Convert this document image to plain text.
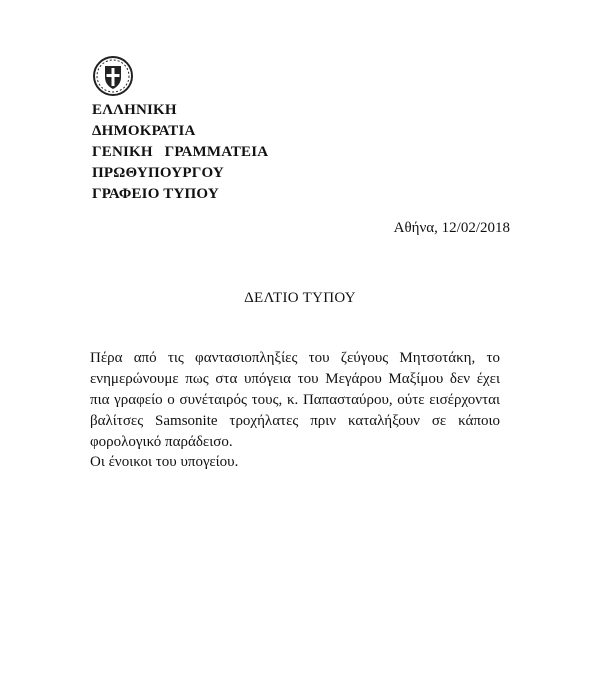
ΕΛΛΗΝΙΚΗ
ΔΗΜΟΚΡΑΤΙΑ
ΓΕΝΙΚΗ   ΓΡΑΜΜΑΤΕΙΑ
ΠΡΩΘΥΠΟΥΡΓΟΥ
ΓΡΑΦΕΙΟ ΤΥΠΟΥ
Αθήνα, 12/02/2018
ΔΕΛΤΙΟ ΤΥΠΟΥ

Πέρα από τις φαντασιοπληξίες του ζεύγους Μητσοτάκη, το ενημερώνουμε πως στα υπόγεια του Μεγάρου Μαξίμου δεν έχει πια γραφείο ο συνέταιρός τους, κ. Παπασταύρου, ούτε εισέρχονται βαλίτσες Samsonite τροχήλατες πριν καταλήξουν σε κάποιο φορολογικό παράδεισο.

Οι ένοικοι του υπογείου.
